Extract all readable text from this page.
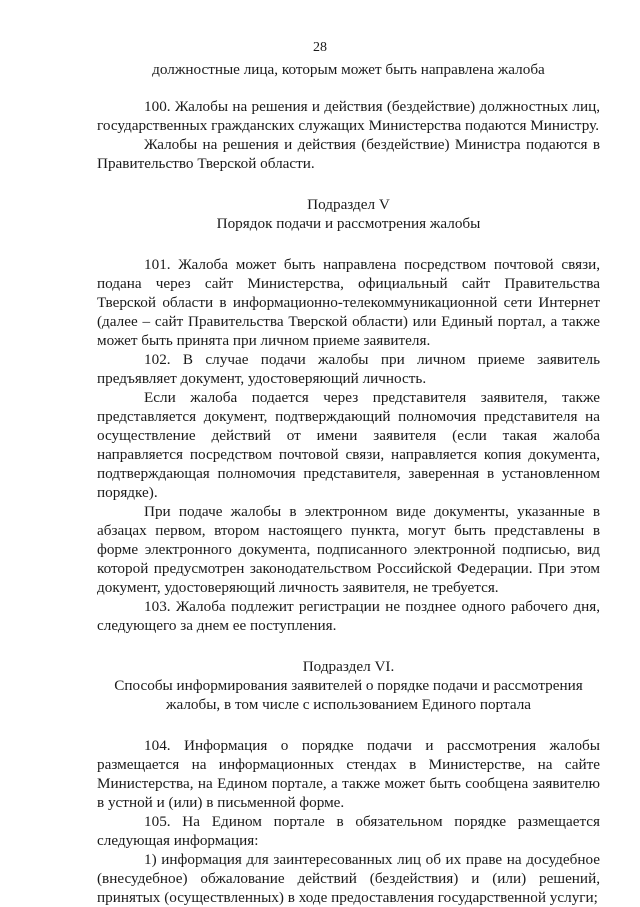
28

должностные лица, которым может быть направлена жалоба

100. Жалобы на решения и действия (бездействие) должностных лиц, государственных гражданских служащих Министерства подаются Министру.

Жалобы на решения и действия (бездействие) Министра подаются в Правительство Тверской области.

Подраздел V

Порядок подачи и рассмотрения жалобы

101. Жалоба может быть направлена посредством почтовой связи, подана через сайт Министерства, официальный сайт Правительства Тверской области в информационно-телекоммуникационной сети Интернет (далее – сайт Правительства Тверской области) или Единый портал, а также может быть принята при личном приеме заявителя.

102. В случае подачи жалобы при личном приеме заявитель предъявляет документ, удостоверяющий личность.

Если жалоба подается через представителя заявителя, также представляется документ, подтверждающий полномочия представителя на осуществление действий от имени заявителя (если такая жалоба направляется посредством почтовой связи, направляется копия документа, подтверждающая полномочия представителя, заверенная в установленном порядке).

При подаче жалобы в электронном виде документы, указанные в абзацах первом, втором настоящего пункта, могут быть представлены в форме электронного документа, подписанного электронной подписью, вид которой предусмотрен законодательством Российской Федерации. При этом документ, удостоверяющий личность заявителя, не требуется.

103. Жалоба подлежит регистрации не позднее одного рабочего дня, следующего за днем ее поступления.

Подраздел VI.

Способы информирования заявителей о порядке подачи и рассмотрения жалобы, в том числе с использованием Единого портала

104. Информация о порядке подачи и рассмотрения жалобы размещается на информационных стендах в Министерстве, на сайте Министерства, на Едином портале, а также может быть сообщена заявителю в устной и (или) в письменной форме.

105. На Едином портале в обязательном порядке размещается следующая информация:

1) информация для заинтересованных лиц об их праве на досудебное (внесудебное) обжалование действий (бездействия) и (или) решений, принятых (осуществленных) в ходе предоставления государственной услуги;
